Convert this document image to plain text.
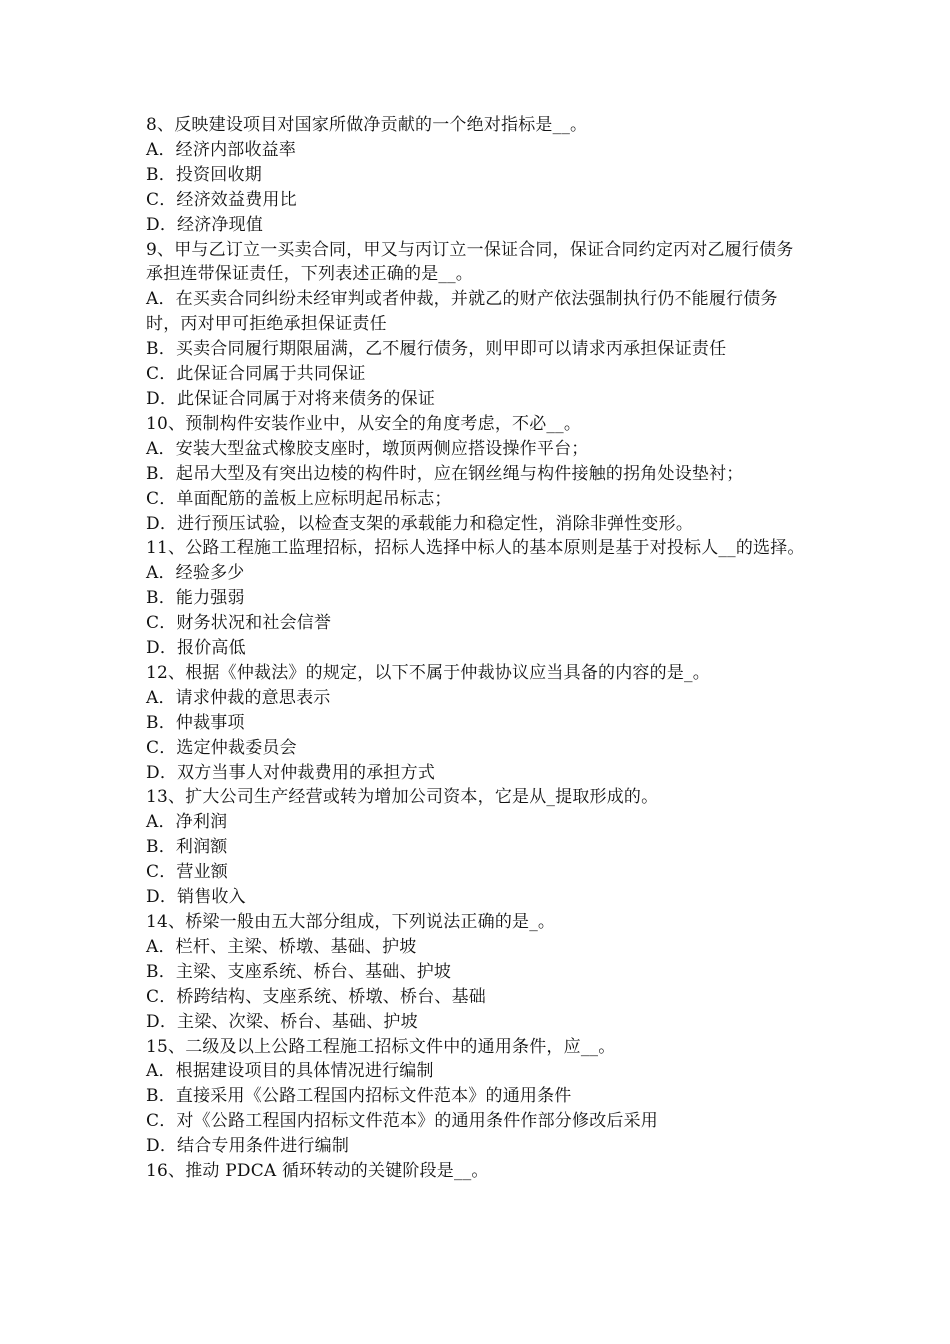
8、反映建设项目对国家所做净贡献的一个绝对指标是__。
A．经济内部收益率
B．投资回收期
C．经济效益费用比
D．经济净现值
9、甲与乙订立一买卖合同，甲又与丙订立一保证合同，保证合同约定丙对乙履行债务承担连带保证责任，下列表述正确的是__。
A．在买卖合同纠纷未经审判或者仲裁，并就乙的财产依法强制执行仍不能履行债务时，丙对甲可拒绝承担保证责任
B．买卖合同履行期限届满，乙不履行债务，则甲即可以请求丙承担保证责任
C．此保证合同属于共同保证
D．此保证合同属于对将来债务的保证
10、预制构件安装作业中，从安全的角度考虑，不必__。
A．安装大型盆式橡胶支座时，墩顶两侧应搭设操作平台；
B．起吊大型及有突出边棱的构件时，应在钢丝绳与构件接触的拐角处设垫衬；
C．单面配筋的盖板上应标明起吊标志；
D．进行预压试验，以检查支架的承载能力和稳定性，消除非弹性变形。
11、公路工程施工监理招标，招标人选择中标人的基本原则是基于对投标人__的选择。
A．经验多少
B．能力强弱
C．财务状况和社会信誉
D．报价高低
12、根据《仲裁法》的规定，以下不属于仲裁协议应当具备的内容的是_。
A．请求仲裁的意思表示
B．仲裁事项
C．选定仲裁委员会
D．双方当事人对仲裁费用的承担方式
13、扩大公司生产经营或转为增加公司资本，它是从_提取形成的。
A．净利润
B．利润额
C．营业额
D．销售收入
14、桥梁一般由五大部分组成，下列说法正确的是_。
A．栏杆、主梁、桥墩、基础、护坡
B．主梁、支座系统、桥台、基础、护坡
C．桥跨结构、支座系统、桥墩、桥台、基础
D．主梁、次梁、桥台、基础、护坡
15、二级及以上公路工程施工招标文件中的通用条件，应__。
A．根据建设项目的具体情况进行编制
B．直接采用《公路工程国内招标文件范本》的通用条件
C．对《公路工程国内招标文件范本》的通用条件作部分修改后采用
D．结合专用条件进行编制
16、推动 PDCA 循环转动的关键阶段是__。
